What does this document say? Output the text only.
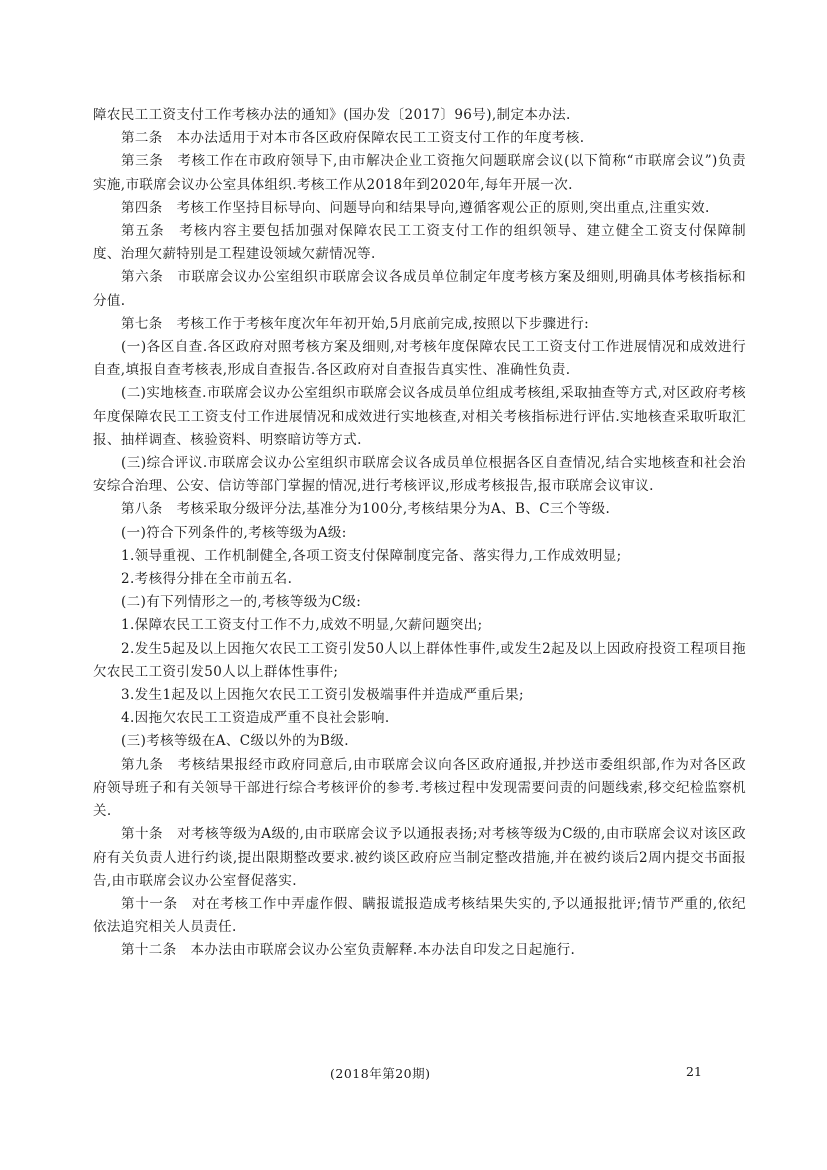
障农民工工资支付工作考核办法的通知》(国办发〔2017〕96号),制定本办法.

第二条　本办法适用于对本市各区政府保障农民工工资支付工作的年度考核.

第三条　考核工作在市政府领导下,由市解决企业工资拖欠问题联席会议(以下简称“市联席会议”)负责实施,市联席会议办公室具体组织.考核工作从2018年到2020年,每年开展一次.

第四条　考核工作坚持目标导向、问题导向和结果导向,遵循客观公正的原则,突出重点,注重实效.

第五条　考核内容主要包括加强对保障农民工工资支付工作的组织领导、建立健全工资支付保障制度、治理欠薪特别是工程建设领域欠薪情况等.

第六条　市联席会议办公室组织市联席会议各成员单位制定年度考核方案及细则,明确具体考核指标和分值.

第七条　考核工作于考核年度次年年初开始,5月底前完成,按照以下步骤进行:

(一)各区自查.各区政府对照考核方案及细则,对考核年度保障农民工工资支付工作进展情况和成效进行自查,填报自查考核表,形成自查报告.各区政府对自查报告真实性、准确性负责.

(二)实地核查.市联席会议办公室组织市联席会议各成员单位组成考核组,采取抽查等方式,对区政府考核年度保障农民工工资支付工作进展情况和成效进行实地核查,对相关考核指标进行评估.实地核查采取听取汇报、抽样调查、核验资料、明察暗访等方式.

(三)综合评议.市联席会议办公室组织市联席会议各成员单位根据各区自查情况,结合实地核查和社会治安综合治理、公安、信访等部门掌握的情况,进行考核评议,形成考核报告,报市联席会议审议.

第八条　考核采取分级评分法,基准分为100分,考核结果分为A、B、C三个等级.

(一)符合下列条件的,考核等级为A级:

1.领导重视、工作机制健全,各项工资支付保障制度完备、落实得力,工作成效明显;

2.考核得分排在全市前五名.

(二)有下列情形之一的,考核等级为C级:

1.保障农民工工资支付工作不力,成效不明显,欠薪问题突出;

2.发生5起及以上因拖欠农民工工资引发50人以上群体性事件,或发生2起及以上因政府投资工程项目拖欠农民工工资引发50人以上群体性事件;

3.发生1起及以上因拖欠农民工工资引发极端事件并造成严重后果;

4.因拖欠农民工工资造成严重不良社会影响.

(三)考核等级在A、C级以外的为B级.

第九条　考核结果报经市政府同意后,由市联席会议向各区政府通报,并抄送市委组织部,作为对各区政府领导班子和有关领导干部进行综合考核评价的参考.考核过程中发现需要问责的问题线索,移交纪检监察机关.

第十条　对考核等级为A级的,由市联席会议予以通报表扬;对考核等级为C级的,由市联席会议对该区政府有关负责人进行约谈,提出限期整改要求.被约谈区政府应当制定整改措施,并在被约谈后2周内提交书面报告,由市联席会议办公室督促落实.

第十一条　对在考核工作中弄虚作假、瞒报谎报造成考核结果失实的,予以通报批评;情节严重的,依纪依法追究相关人员责任.

第十二条　本办法由市联席会议办公室负责解释.本办法自印发之日起施行.

(2018年第20期)	21
